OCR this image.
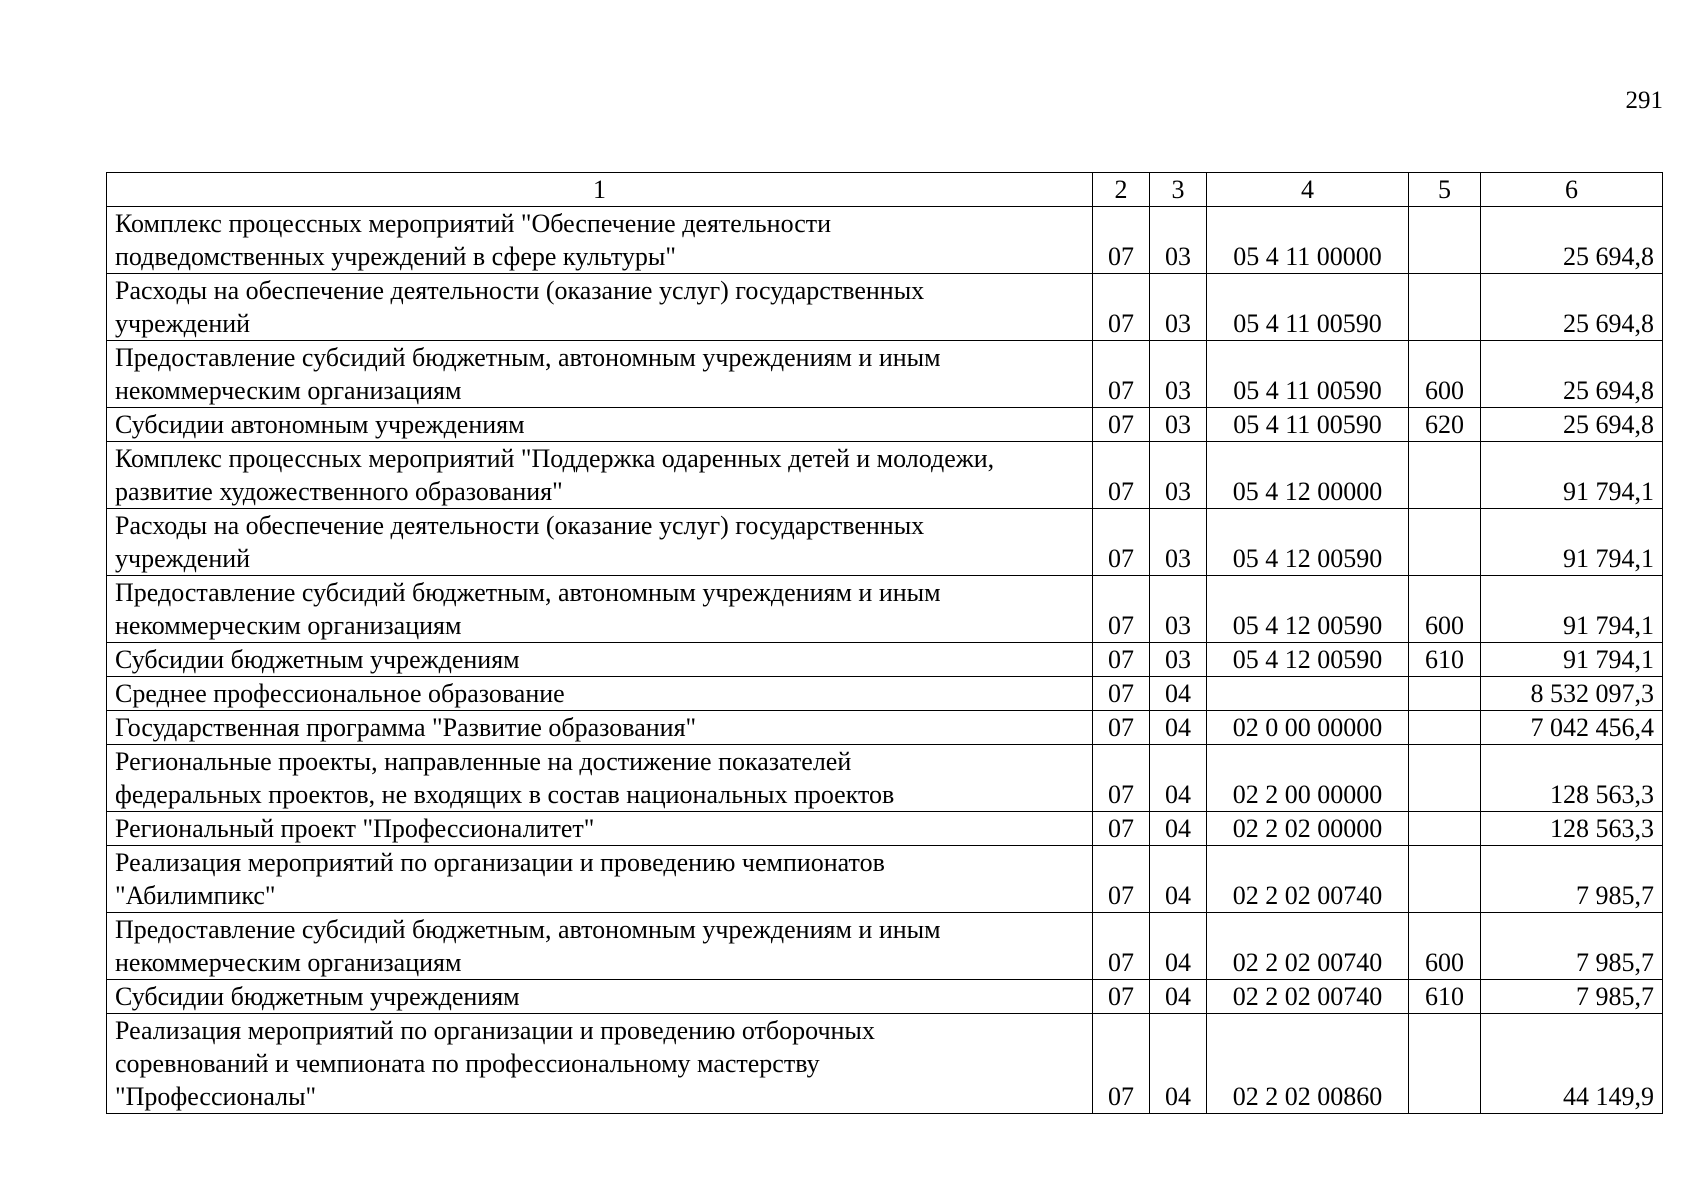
291
1	2	3	4	5	6

Комплекс процессных мероприятий "Обеспечение деятельности
подведомственных учреждений в сфере культуры"	07	03	05 4 11 00000		25 694,8

Расходы на обеспечение деятельности (оказание услуг) государственных
учреждений	07	03	05 4 11 00590		25 694,8

Предоставление субсидий бюджетным, автономным учреждениям и иным
некоммерческим организациям	07	03	05 4 11 00590	600	25 694,8

Субсидии автономным учреждениям	07	03	05 4 11 00590	620	25 694,8

Комплекс процессных мероприятий "Поддержка одаренных детей и молодежи,
развитие художественного образования"	07	03	05 4 12 00000		91 794,1

Расходы на обеспечение деятельности (оказание услуг) государственных
учреждений	07	03	05 4 12 00590		91 794,1

Предоставление субсидий бюджетным, автономным учреждениям и иным
некоммерческим организациям	07	03	05 4 12 00590	600	91 794,1

Субсидии бюджетным учреждениям	07	03	05 4 12 00590	610	91 794,1

Среднее профессиональное образование	07	04			8 532 097,3

Государственная программа "Развитие образования"	07	04	02 0 00 00000		7 042 456,4

Региональные проекты, направленные на достижение показателей
федеральных проектов, не входящих в состав национальных проектов	07	04	02 2 00 00000		128 563,3

Региональный проект "Профессионалитет"	07	04	02 2 02 00000		128 563,3

Реализация мероприятий по организации и проведению чемпионатов
"Абилимпикс"	07	04	02 2 02 00740		7 985,7

Предоставление субсидий бюджетным, автономным учреждениям и иным
некоммерческим организациям	07	04	02 2 02 00740	600	7 985,7

Субсидии бюджетным учреждениям	07	04	02 2 02 00740	610	7 985,7

Реализация мероприятий по организации и проведению отборочных
соревнований и чемпионата по профессиональному мастерству
"Профессионалы"	07	04	02 2 02 00860		44 149,9
